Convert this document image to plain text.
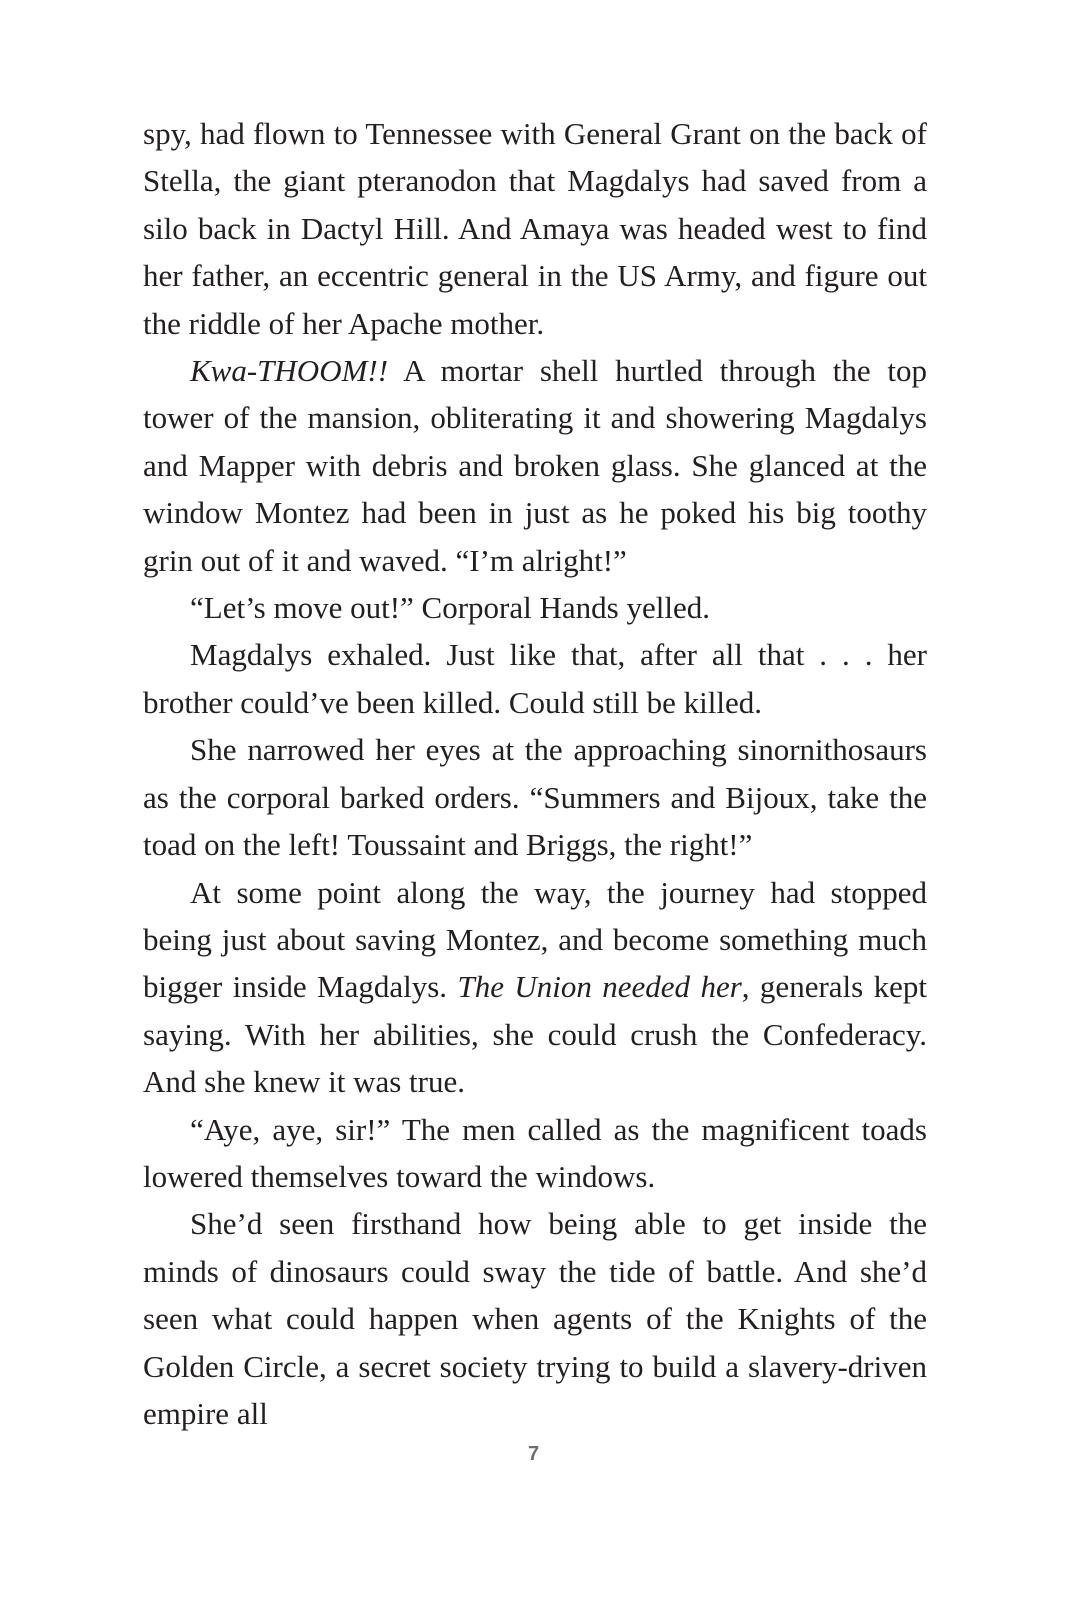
spy, had flown to Tennessee with General Grant on the back of Stella, the giant pteranodon that Magdalys had saved from a silo back in Dactyl Hill. And Amaya was headed west to find her father, an eccentric general in the US Army, and figure out the riddle of her Apache mother.

Kwa-THOOM!! A mortar shell hurtled through the top tower of the mansion, obliterating it and showering Magdalys and Mapper with debris and broken glass. She glanced at the window Montez had been in just as he poked his big toothy grin out of it and waved. “I’m alright!”

“Let’s move out!” Corporal Hands yelled.

Magdalys exhaled. Just like that, after all that . . . her brother could’ve been killed. Could still be killed.

She narrowed her eyes at the approaching sinornithosaurs as the corporal barked orders. “Summers and Bijoux, take the toad on the left! Toussaint and Briggs, the right!”

At some point along the way, the journey had stopped being just about saving Montez, and become something much bigger inside Magdalys. The Union needed her, generals kept saying. With her abilities, she could crush the Confederacy. And she knew it was true.

“Aye, aye, sir!” The men called as the magnificent toads lowered themselves toward the windows.

She’d seen firsthand how being able to get inside the minds of dinosaurs could sway the tide of battle. And she’d seen what could happen when agents of the Knights of the Golden Circle, a secret society trying to build a slavery-driven empire all

7
